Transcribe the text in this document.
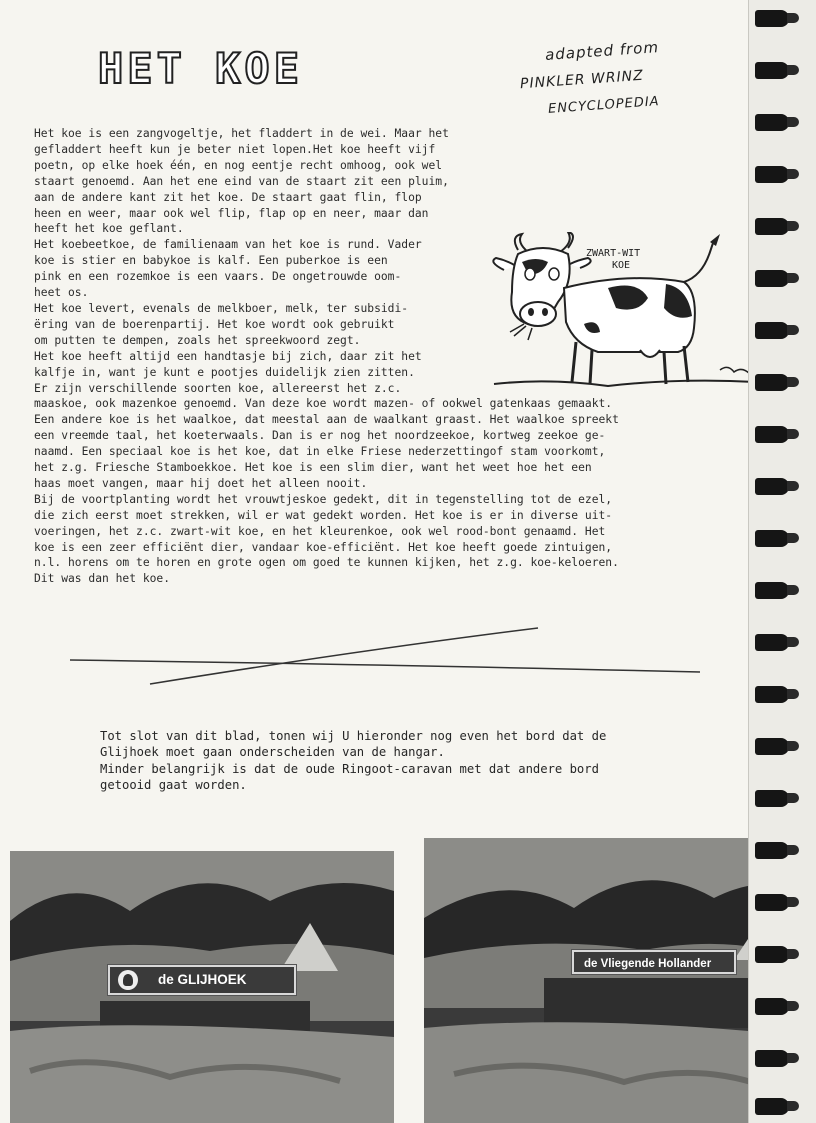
HET KOE	adapted from
PINKLER WRINZ
ENCYCLOPEDIA
Het koe is een zangvogeltje, het fladdert in de wei. Maar het
gefladdert heeft kun je beter niet lopen.Het koe heeft vijf
poetn, op elke hoek één, en nog eentje recht omhoog, ook wel
staart genoemd. Aan het ene eind van de staart zit een pluim,
aan de andere kant zit het koe. De staart gaat flin, flop
heen en weer, maar ook wel flip, flap op en neer, maar dan
heeft het koe geflant.
Het koebeetkoe, de familienaam van het koe is rund. Vader
koe is stier en babykoe is kalf. Een puberkoe is een
pink en een rozemkoe is een vaars. De ongetrouwde oom-
heet os.
Het koe levert, evenals de melkboer, melk, ter subsidi-
ëring van de boerenpartij. Het koe wordt ook gebruikt
om putten te dempen, zoals het spreekwoord zegt.
Het koe heeft altijd een handtasje bij zich, daar zit het
kalfje in, want je kunt e pootjes duidelijk zien zitten.
Er zijn verschillende soorten koe, allereerst het z.c.
maaskoe, ook mazenkoe genoemd. Van deze koe wordt mazen- of ookwel gatenkaas gemaakt.
Een andere koe is het waalkoe, dat meestal aan de waalkant graast. Het waalkoe spreekt
een vreemde taal, het koeterwaals. Dan is er nog het noordzeekoe, kortweg zeekoe ge-
naamd. Een speciaal koe is het koe, dat in elke Friese nederzettingof stam voorkomt,
het z.g. Friesche Stamboekkoe. Het koe is een slim dier, want het weet hoe het een
haas moet vangen, maar hij doet het alleen nooit.
Bij de voortplanting wordt het vrouwtjeskoe gedekt, dit in tegenstelling tot de ezel,
die zich eerst moet strekken, wil er wat gedekt worden. Het koe is er in diverse uit-
voeringen, het z.c. zwart-wit koe, en het kleurenkoe, ook wel rood-bont genaamd. Het
koe is een zeer efficiënt dier, vandaar koe-efficiënt. Het koe heeft goede zintuigen,
n.l. horens om te horen en grote ogen om goed te kunnen kijken, het z.g. koe-keloeren.
Dit was dan het koe.
ZWART-WIT
KOE
Tot slot van dit blad, tonen wij U hieronder nog even het bord dat de
Glijhoek moet gaan onderscheiden van de hangar.
Minder belangrijk is dat de oude Ringoot-caravan met dat andere bord
getooid gaat worden.
de GLIJHOEK
de Vliegende Hollander
